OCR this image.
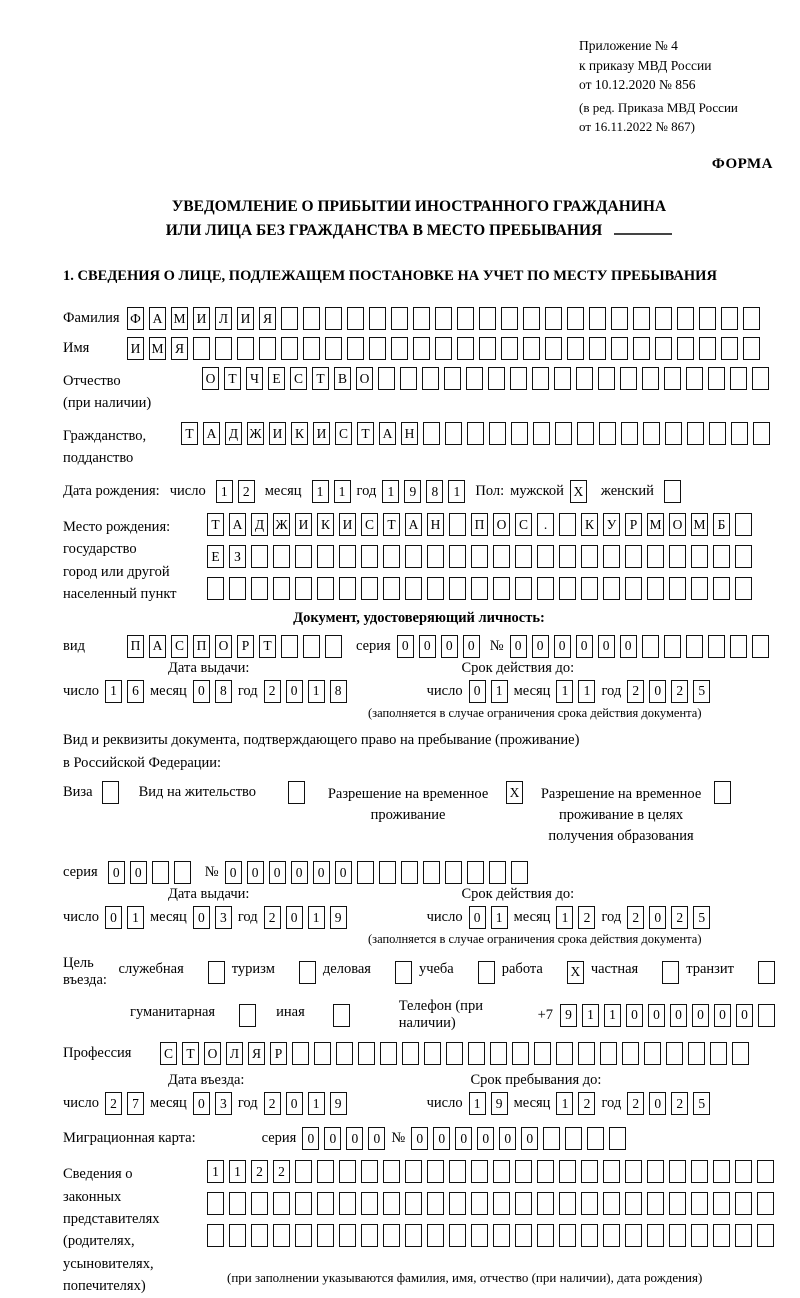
Приложение № 4
к приказу МВД России
от 10.12.2020 № 856
(в ред. Приказа МВД России
от 16.11.2022 № 867)
ФОРМА
УВЕДОМЛЕНИЕ О ПРИБЫТИИ ИНОСТРАННОГО ГРАЖДАНИНА
ИЛИ ЛИЦА БЕЗ ГРАЖДАНСТВА В МЕСТО ПРЕБЫВАНИЯ
1. СВЕДЕНИЯ О ЛИЦЕ, ПОДЛЕЖАЩЕМ ПОСТАНОВКЕ НА УЧЕТ ПО МЕСТУ ПРЕБЫВАНИЯ
Фамилия Ф А М И Л И Я
Имя	И М Я
Отчество
(при наличии)
О Т Ч Е С Т В О
Гражданство,
подданство
Т А Д Ж И К И С Т А Н
Дата рождения: число	1	2	месяц	1	1 год 1	9	8	1	Пол: мужской X женский
Место рождения:
государство
город или другой
населенный пункт
Т А Д Ж И К И С Т А Н	П О С	.	К У Р М О М Б
Е	З
Документ, удостоверяющий личность:
вид	П А С П О Р	Т	серия 0	0	0	0	№ 0	0	0	0	0	0
Дата выдачи:	Срок действия до:
число 1	6 месяц 0	8 год 2	0	1	8	число 0	1 месяц 1	1 год 2	0	2	5
(заполняется в случае ограничения срока действия документа)
Вид и реквизиты документа, подтверждающего право на пребывание (проживание)
в Российской Федерации:
Виза	Вид на жительство	Разрешение на временное проживание
X Разрешение на временное проживание в целях получения образования
серия	0	0	№ 0	0	0	0	0	0
Дата выдачи:	Срок действия до:
число 0	1 месяц 0	3 год 2	0	1	9	число 0	1 месяц 1	2 год 2	0	2	5
(заполняется в случае ограничения срока действия документа)
Цель въезда:
служебная	туризм	деловая	учеба	работа X частная	транзит
гуманитарная	иная	Телефон (при наличии)
+7 9	1	1	0	0	0	0	0	0
Профессия	С Т О Л Я	Р
Дата въезда:	Срок пребывания до:
число 2	7 месяц 0	3 год 2	0	1	9	число 1	9 месяц 1	2 год 2	0	2	5
Миграционная карта:	серия 0	0	0	0 № 0	0	0	0	0	0
Сведения о
законных
представителях
(родителях,
усыновителях,
попечителях)
1	1	2	2
(при заполнении указываются фамилия, имя, отчество (при наличии), дата рождения)
